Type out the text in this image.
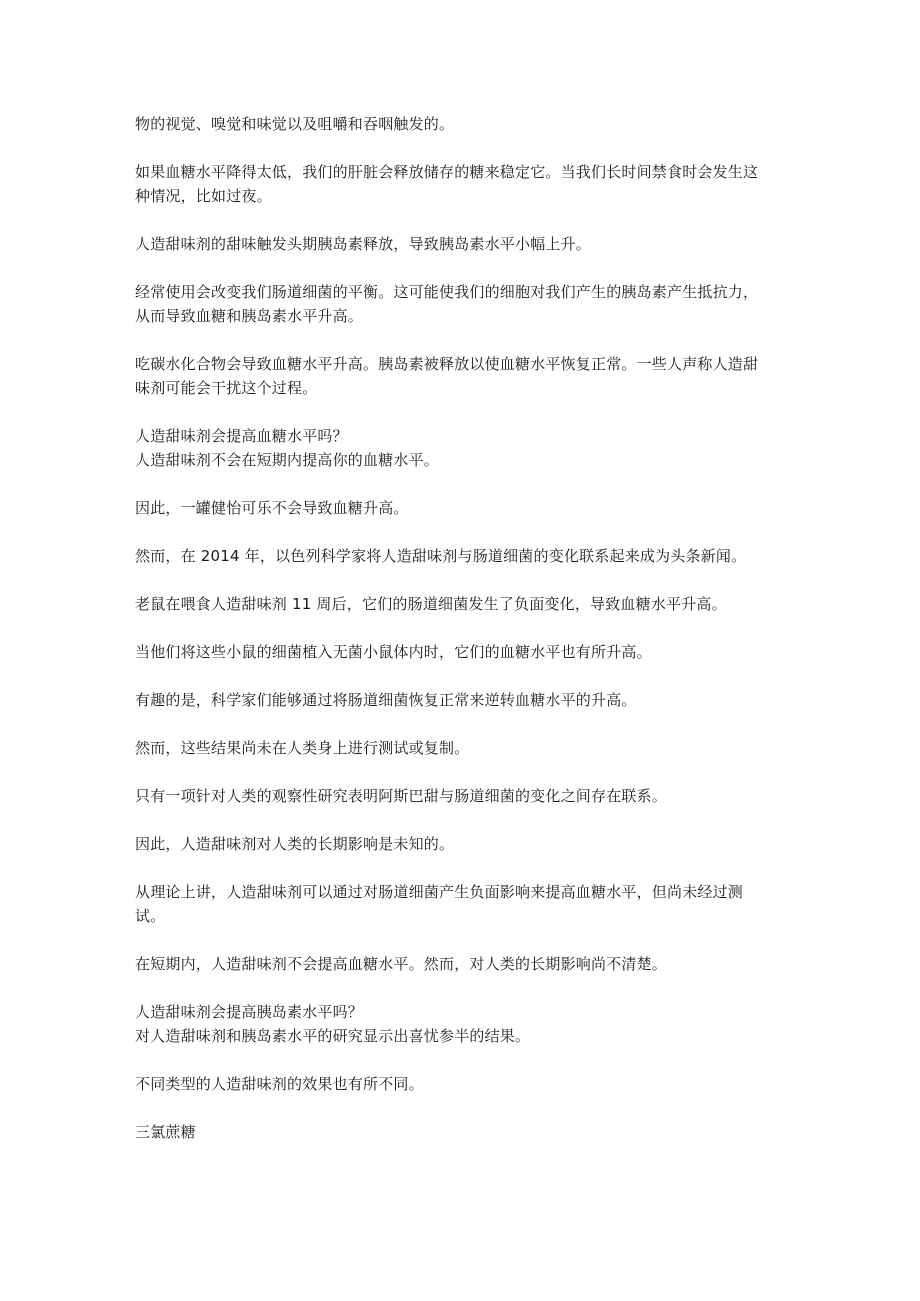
物的视觉、嗅觉和味觉以及咀嚼和吞咽触发的。

如果血糖水平降得太低，我们的肝脏会释放储存的糖来稳定它。当我们长时间禁食时会发生这
种情况，比如过夜。

人造甜味剂的甜味触发头期胰岛素释放，导致胰岛素水平小幅上升。

经常使用会改变我们肠道细菌的平衡。这可能使我们的细胞对我们产生的胰岛素产生抵抗力，
从而导致血糖和胰岛素水平升高。

吃碳水化合物会导致血糖水平升高。胰岛素被释放以使血糖水平恢复正常。一些人声称人造甜
味剂可能会干扰这个过程。

人造甜味剂会提高血糖水平吗？
人造甜味剂不会在短期内提高你的血糖水平。

因此，一罐健怡可乐不会导致血糖升高。

然而，在 2014 年，以色列科学家将人造甜味剂与肠道细菌的变化联系起来成为头条新闻。

老鼠在喂食人造甜味剂 11 周后，它们的肠道细菌发生了负面变化，导致血糖水平升高。

当他们将这些小鼠的细菌植入无菌小鼠体内时，它们的血糖水平也有所升高。

有趣的是，科学家们能够通过将肠道细菌恢复正常来逆转血糖水平的升高。

然而，这些结果尚未在人类身上进行测试或复制。

只有一项针对人类的观察性研究表明阿斯巴甜与肠道细菌的变化之间存在联系。

因此，人造甜味剂对人类的长期影响是未知的。

从理论上讲，人造甜味剂可以通过对肠道细菌产生负面影响来提高血糖水平，但尚未经过测
试。

在短期内，人造甜味剂不会提高血糖水平。然而，对人类的长期影响尚不清楚。

人造甜味剂会提高胰岛素水平吗？
对人造甜味剂和胰岛素水平的研究显示出喜忧参半的结果。

不同类型的人造甜味剂的效果也有所不同。

三氯蔗糖
